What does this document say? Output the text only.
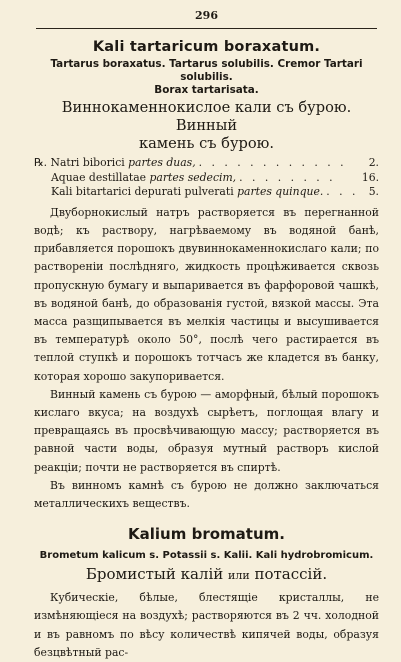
296
Kali tartaricum boraxatum.
Tartarus boraxatus. Tartarus solubilis. Cremor Tartari solubilis.
Borax tartarisata.
Виннокаменнокислое кали съ бурою. Винный
камень съ бурою.
℞. Natri biborici partes duas, . . . . . . . . . . . .	2.
Aquae destillatae partes sedecim, . . . . . . . .	16.
Kali bitartarici depurati pulverati partes quinque. . . . 5.

Двуборнокислый натръ растворяется въ перегнанной водѣ; къ раствору, нагрѣваемому въ водяной банѣ, прибавляется порошокъ двувиннокаменнокислаго кали; по растворенiи послѣдняго, жидкость процѣживается сквозь пропускную бумагу и выпаривается въ фарфоровой чашкѣ, въ водяной банѣ, до образованiя густой, вязкой массы. Эта масса разщипывается въ мелкiя частицы и высушивается въ температурѣ около 50°, послѣ чего растирается въ теплой ступкѣ и порошокъ тотчасъ же кладется въ банку, которая хорошо закупоривается.

Винный камень съ бурою — аморфный, бѣлый порошокъ кислаго вкуса; на воздухѣ сырѣетъ, поглощая влагу и превращаясь въ просвѣчивающую массу; растворяется въ равной части воды, образуя мутный растворъ кислой реакцiи; почти не растворяется въ спиртѣ.

Въ винномъ камнѣ съ бурою не должно заключаться металлическихъ веществъ.

Kalium bromatum.
Brometum kalicum s. Potassii s. Kalii. Kali hydrobromicum.
Бромистый калiй или потассiй.

Кубическiе, бѣлые, блестящiе кристаллы, не измѣняющiеся на воздухѣ; растворяются въ 2 чч. холодной и въ равномъ по вѣсу количествѣ кипячей воды, образуя безцвѣтный рас-
